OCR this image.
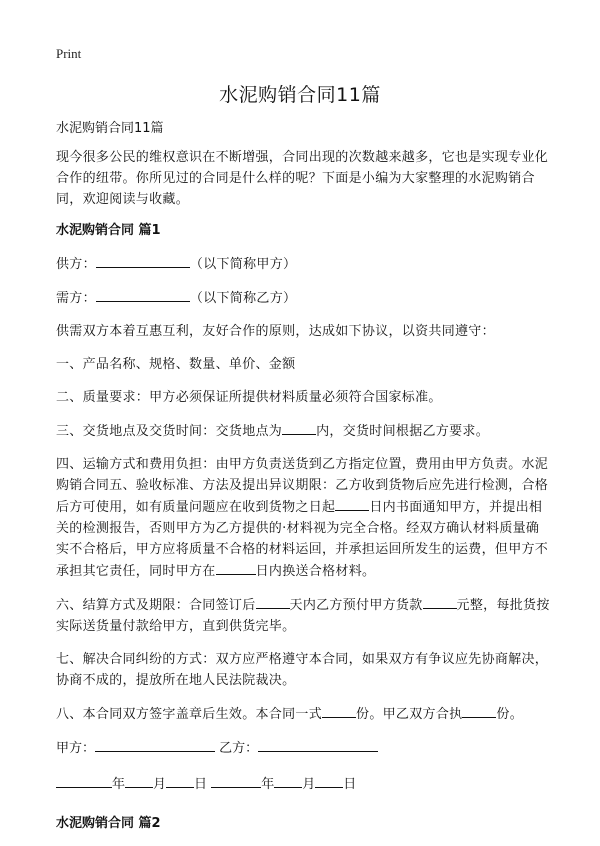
Print
水泥购销合同11篇

水泥购销合同11篇

现今很多公民的维权意识在不断增强，合同出现的次数越来越多，它也是实现专业化合作的纽带。你所见过的合同是什么样的呢？下面是小编为大家整理的水泥购销合同，欢迎阅读与收藏。

水泥购销合同 篇1

供方：	（以下简称甲方）

需方：	（以下简称乙方）

供需双方本着互惠互利，友好合作的原则，达成如下协议，以资共同遵守：

一、产品名称、规格、数量、单价、金额

二、质量要求：甲方必须保证所提供材料质量必须符合国家标准。

三、交货地点及交货时间：交货地点为	内，交货时间根据乙方要求。

四、运输方式和费用负担：由甲方负责送货到乙方指定位置，费用由甲方负责。水泥购销合同五、验收标准、方法及提出异议期限：乙方收到货物后应先进行检测，合格后方可使用，如有质量问题应在收到货物之日起	日内书面通知甲方，并提出相关的检测报告，否则甲方为乙方提供的·材料视为完全合格。经双方确认材料质量确实不合格后，甲方应将质量不合格的材料运回，并承担运回所发生的运费，但甲方不承担其它责任，同时甲方在	日内换送合格材料。

六、结算方式及期限：合同签订后	天内乙方预付甲方货款	元整，每批货按实际送货量付款给甲方，直到供货完毕。

七、解决合同纠纷的方式：双方应严格遵守本合同，如果双方有争议应先协商解决，协商不成的，提放所在地人民法院裁决。

八、本合同双方签字盖章后生效。本合同一式	份。甲乙双方合执	份。

甲方：	乙方：

年 月 日	年 月 日

水泥购销合同 篇2
